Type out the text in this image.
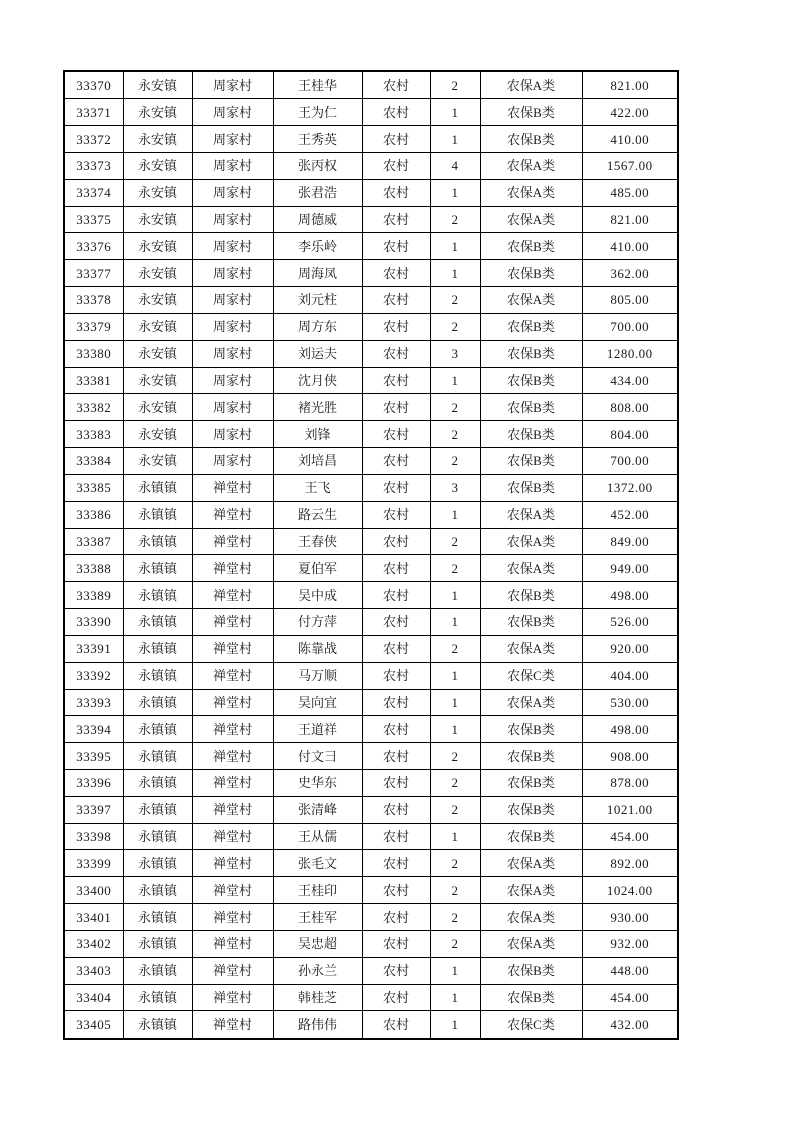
33370	永安镇	周家村	王桂华	农村	2	农保A类	821.00
33371	永安镇	周家村	王为仁	农村	1	农保B类	422.00
33372	永安镇	周家村	王秀英	农村	1	农保B类	410.00
33373	永安镇	周家村	张丙权	农村	4	农保A类	1567.00
33374	永安镇	周家村	张君浩	农村	1	农保A类	485.00
33375	永安镇	周家村	周德威	农村	2	农保A类	821.00
33376	永安镇	周家村	李乐岭	农村	1	农保B类	410.00
33377	永安镇	周家村	周海凤	农村	1	农保B类	362.00
33378	永安镇	周家村	刘元柱	农村	2	农保A类	805.00
33379	永安镇	周家村	周方东	农村	2	农保B类	700.00
33380	永安镇	周家村	刘运夫	农村	3	农保B类	1280.00
33381	永安镇	周家村	沈月侠	农村	1	农保B类	434.00
33382	永安镇	周家村	褚光胜	农村	2	农保B类	808.00
33383	永安镇	周家村	刘锋	农村	2	农保B类	804.00
33384	永安镇	周家村	刘培昌	农村	2	农保B类	700.00
33385	永镇镇	禅堂村	王飞	农村	3	农保B类	1372.00
33386	永镇镇	禅堂村	路云生	农村	1	农保A类	452.00
33387	永镇镇	禅堂村	王春侠	农村	2	农保A类	849.00
33388	永镇镇	禅堂村	夏伯军	农村	2	农保A类	949.00
33389	永镇镇	禅堂村	吴中成	农村	1	农保B类	498.00
33390	永镇镇	禅堂村	付方萍	农村	1	农保B类	526.00
33391	永镇镇	禅堂村	陈靠战	农村	2	农保A类	920.00
33392	永镇镇	禅堂村	马万顺	农村	1	农保C类	404.00
33393	永镇镇	禅堂村	吴向宜	农村	1	农保A类	530.00
33394	永镇镇	禅堂村	王道祥	农村	1	农保B类	498.00
33395	永镇镇	禅堂村	付文彐	农村	2	农保B类	908.00
33396	永镇镇	禅堂村	史华东	农村	2	农保B类	878.00
33397	永镇镇	禅堂村	张清峰	农村	2	农保B类	1021.00
33398	永镇镇	禅堂村	王从儒	农村	1	农保B类	454.00
33399	永镇镇	禅堂村	张毛文	农村	2	农保A类	892.00
33400	永镇镇	禅堂村	王桂印	农村	2	农保A类	1024.00
33401	永镇镇	禅堂村	王桂军	农村	2	农保A类	930.00
33402	永镇镇	禅堂村	吴忠超	农村	2	农保A类	932.00
33403	永镇镇	禅堂村	孙永兰	农村	1	农保B类	448.00
33404	永镇镇	禅堂村	韩桂芝	农村	1	农保B类	454.00
33405	永镇镇	禅堂村	路伟伟	农村	1	农保C类	432.00
